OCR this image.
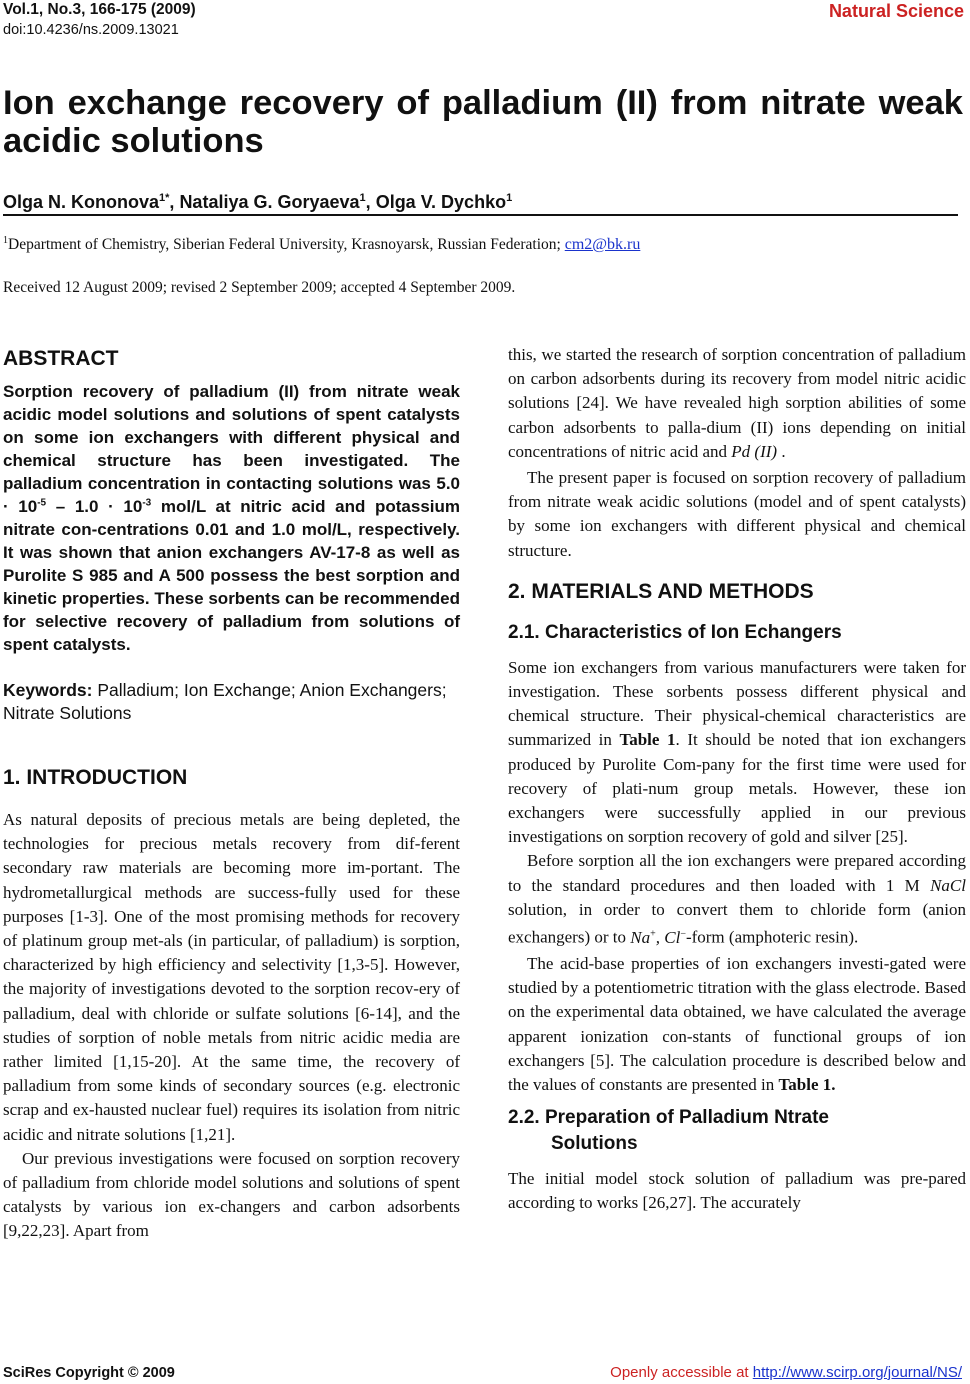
Vol.1, No.3, 166-175 (2009)
doi:10.4236/ns.2009.13021
Natural Science
Ion exchange recovery of palladium (II) from nitrate weak acidic solutions
Olga N. Kononova$^{1*}$, Nataliya G. Goryaeva$^1$, Olga V. Dychko$^1$
$^1$Department of Chemistry, Siberian Federal University, Krasnoyarsk, Russian Federation; cm2@bk.ru
Received 12 August 2009; revised 2 September 2009; accepted 4 September 2009.
ABSTRACT

Sorption recovery of palladium (II) from nitrate weak acidic model solutions and solutions of spent catalysts on some ion exchangers with different physical and chemical structure has been investigated. The palladium concentration in contacting solutions was $5.0 \cdot 10^{-5} - 1.0 \cdot 10^{-3}$ mol/L at nitric acid and potassium nitrate con-centrations 0.01 and 1.0 mol/L, respectively. It was shown that anion exchangers AV-17-8 as well as Purolite S 985 and A 500 possess the best sorption and kinetic properties. These sorbents can be recommended for selective recovery of palladium from solutions of spent catalysts.

Keywords: Palladium; Ion Exchange; Anion Exchangers; Nitrate Solutions

1. INTRODUCTION

As natural deposits of precious metals are being depleted, the technologies for precious metals recovery from dif-ferent secondary raw materials are becoming more im-portant. The hydrometallurgical methods are success-fully used for these purposes [1-3]. One of the most promising methods for recovery of platinum group met-als (in particular, of palladium) is sorption, characterized by high efficiency and selectivity [1,3-5]. However, the majority of investigations devoted to the sorption recov-ery of palladium, deal with chloride or sulfate solutions [6-14], and the studies of sorption of noble metals from nitric acidic media are rather limited [1,15-20]. At the same time, the recovery of palladium from some kinds of secondary sources (e.g. electronic scrap and ex-hausted nuclear fuel) requires its isolation from nitric acidic and nitrate solutions [1,21].

Our previous investigations were focused on sorption recovery of palladium from chloride model solutions and solutions of spent catalysts by various ion ex-changers and carbon adsorbents [9,22,23]. Apart from

this, we started the research of sorption concentration of palladium on carbon adsorbents during its recovery from model nitric acidic solutions [24]. We have revealed high sorption abilities of some carbon adsorbents to palla-dium (II) ions depending on initial concentrations of nitric acid and Pd (II) .

The present paper is focused on sorption recovery of palladium from nitrate weak acidic solutions (model and of spent catalysts) by some ion exchangers with different physical and chemical structure.

2. MATERIALS AND METHODS
2.1. Characteristics of Ion Echangers

Some ion exchangers from various manufacturers were taken for investigation. These sorbents possess different physical and chemical structure. Their physical-chemical characteristics are summarized in Table 1. It should be noted that ion exchangers produced by Purolite Com-pany for the first time were used for recovery of plati-num group metals. However, these ion exchangers were successfully applied in our previous investigations on sorption recovery of gold and silver [25].

Before sorption all the ion exchangers were prepared according to the standard procedures and then loaded with 1 M NaCl solution, in order to convert them to chloride form (anion exchangers) or to Na+, Cl−-form (amphoteric resin).

The acid-base properties of ion exchangers investi-gated were studied by a potentiometric titration with the glass electrode. Based on the experimental data obtained, we have calculated the average apparent ionization con-stants of functional groups of ion exchangers [5]. The calculation procedure is described below and the values of constants are presented in Table 1.

2.2. Preparation of Palladium Ntrate
Solutions

The initial model stock solution of palladium was pre-pared according to works [26,27]. The accurately

SciRes Copyright © 2009	Openly accessible at http://www.scirp.org/journal/NS/
